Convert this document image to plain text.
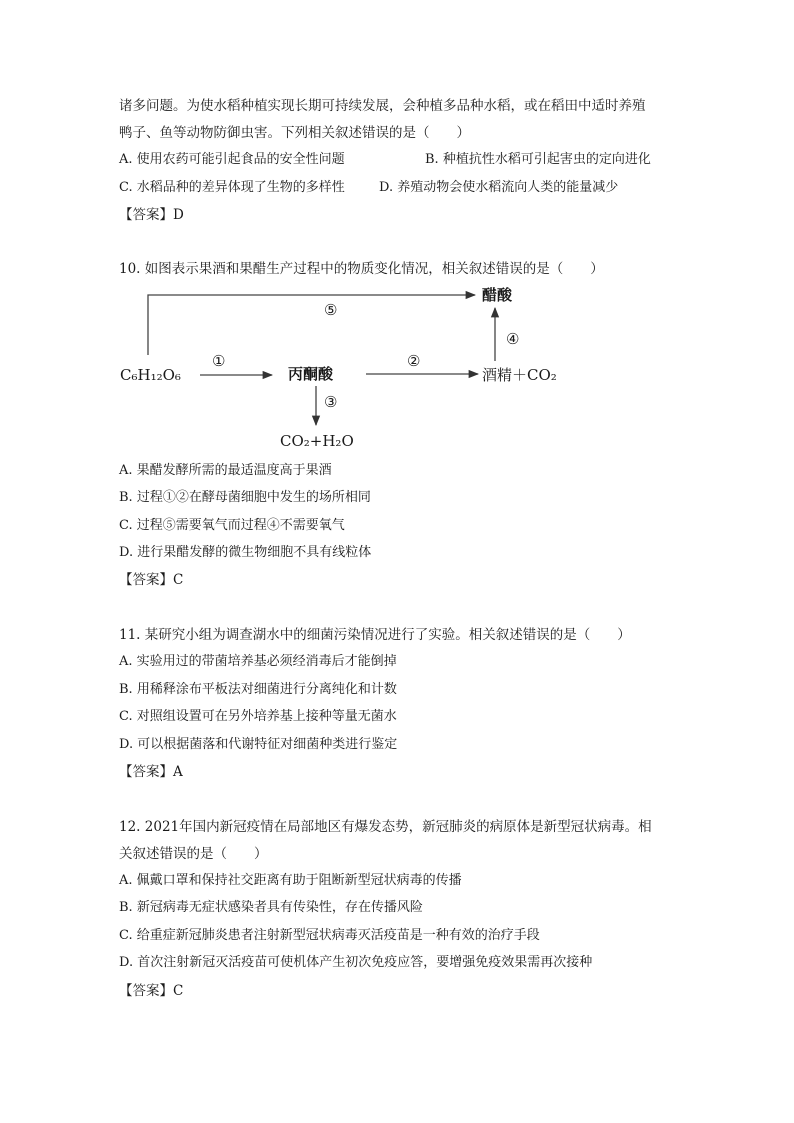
诸多问题。为使水稻种植实现长期可持续发展，会种植多品种水稻，或在稻田中适时养殖
鸭子、鱼等动物防御虫害。下列相关叙述错误的是（　　）
A. 使用农药可能引起食品的安全性问题	B. 种植抗性水稻可引起害虫的定向进化
C. 水稻品种的差异体现了生物的多样性	D. 养殖动物会使水稻流向人类的能量减少
【答案】D
10. 如图表示果酒和果醋生产过程中的物质变化情况，相关叙述错误的是（　　）
醋酸
⑤
④
①	②
C₆H₁₂O₆	丙酮酸	酒精＋CO₂
③
CO₂+H₂O
A. 果醋发酵所需的最适温度高于果酒
B. 过程①②在酵母菌细胞中发生的场所相同
C. 过程⑤需要氧气而过程④不需要氧气
D. 进行果醋发酵的微生物细胞不具有线粒体
【答案】C
11. 某研究小组为调查湖水中的细菌污染情况进行了实验。相关叙述错误的是（　　）
A. 实验用过的带菌培养基必须经消毒后才能倒掉
B. 用稀释涂布平板法对细菌进行分离纯化和计数
C. 对照组设置可在另外培养基上接种等量无菌水
D. 可以根据菌落和代谢特征对细菌种类进行鉴定
【答案】A
12. 2021年国内新冠疫情在局部地区有爆发态势，新冠肺炎的病原体是新型冠状病毒。相
关叙述错误的是（　　）
A. 佩戴口罩和保持社交距离有助于阻断新型冠状病毒的传播
B. 新冠病毒无症状感染者具有传染性，存在传播风险
C. 给重症新冠肺炎患者注射新型冠状病毒灭活疫苗是一种有效的治疗手段
D. 首次注射新冠灭活疫苗可使机体产生初次免疫应答，要增强免疫效果需再次接种
【答案】C
